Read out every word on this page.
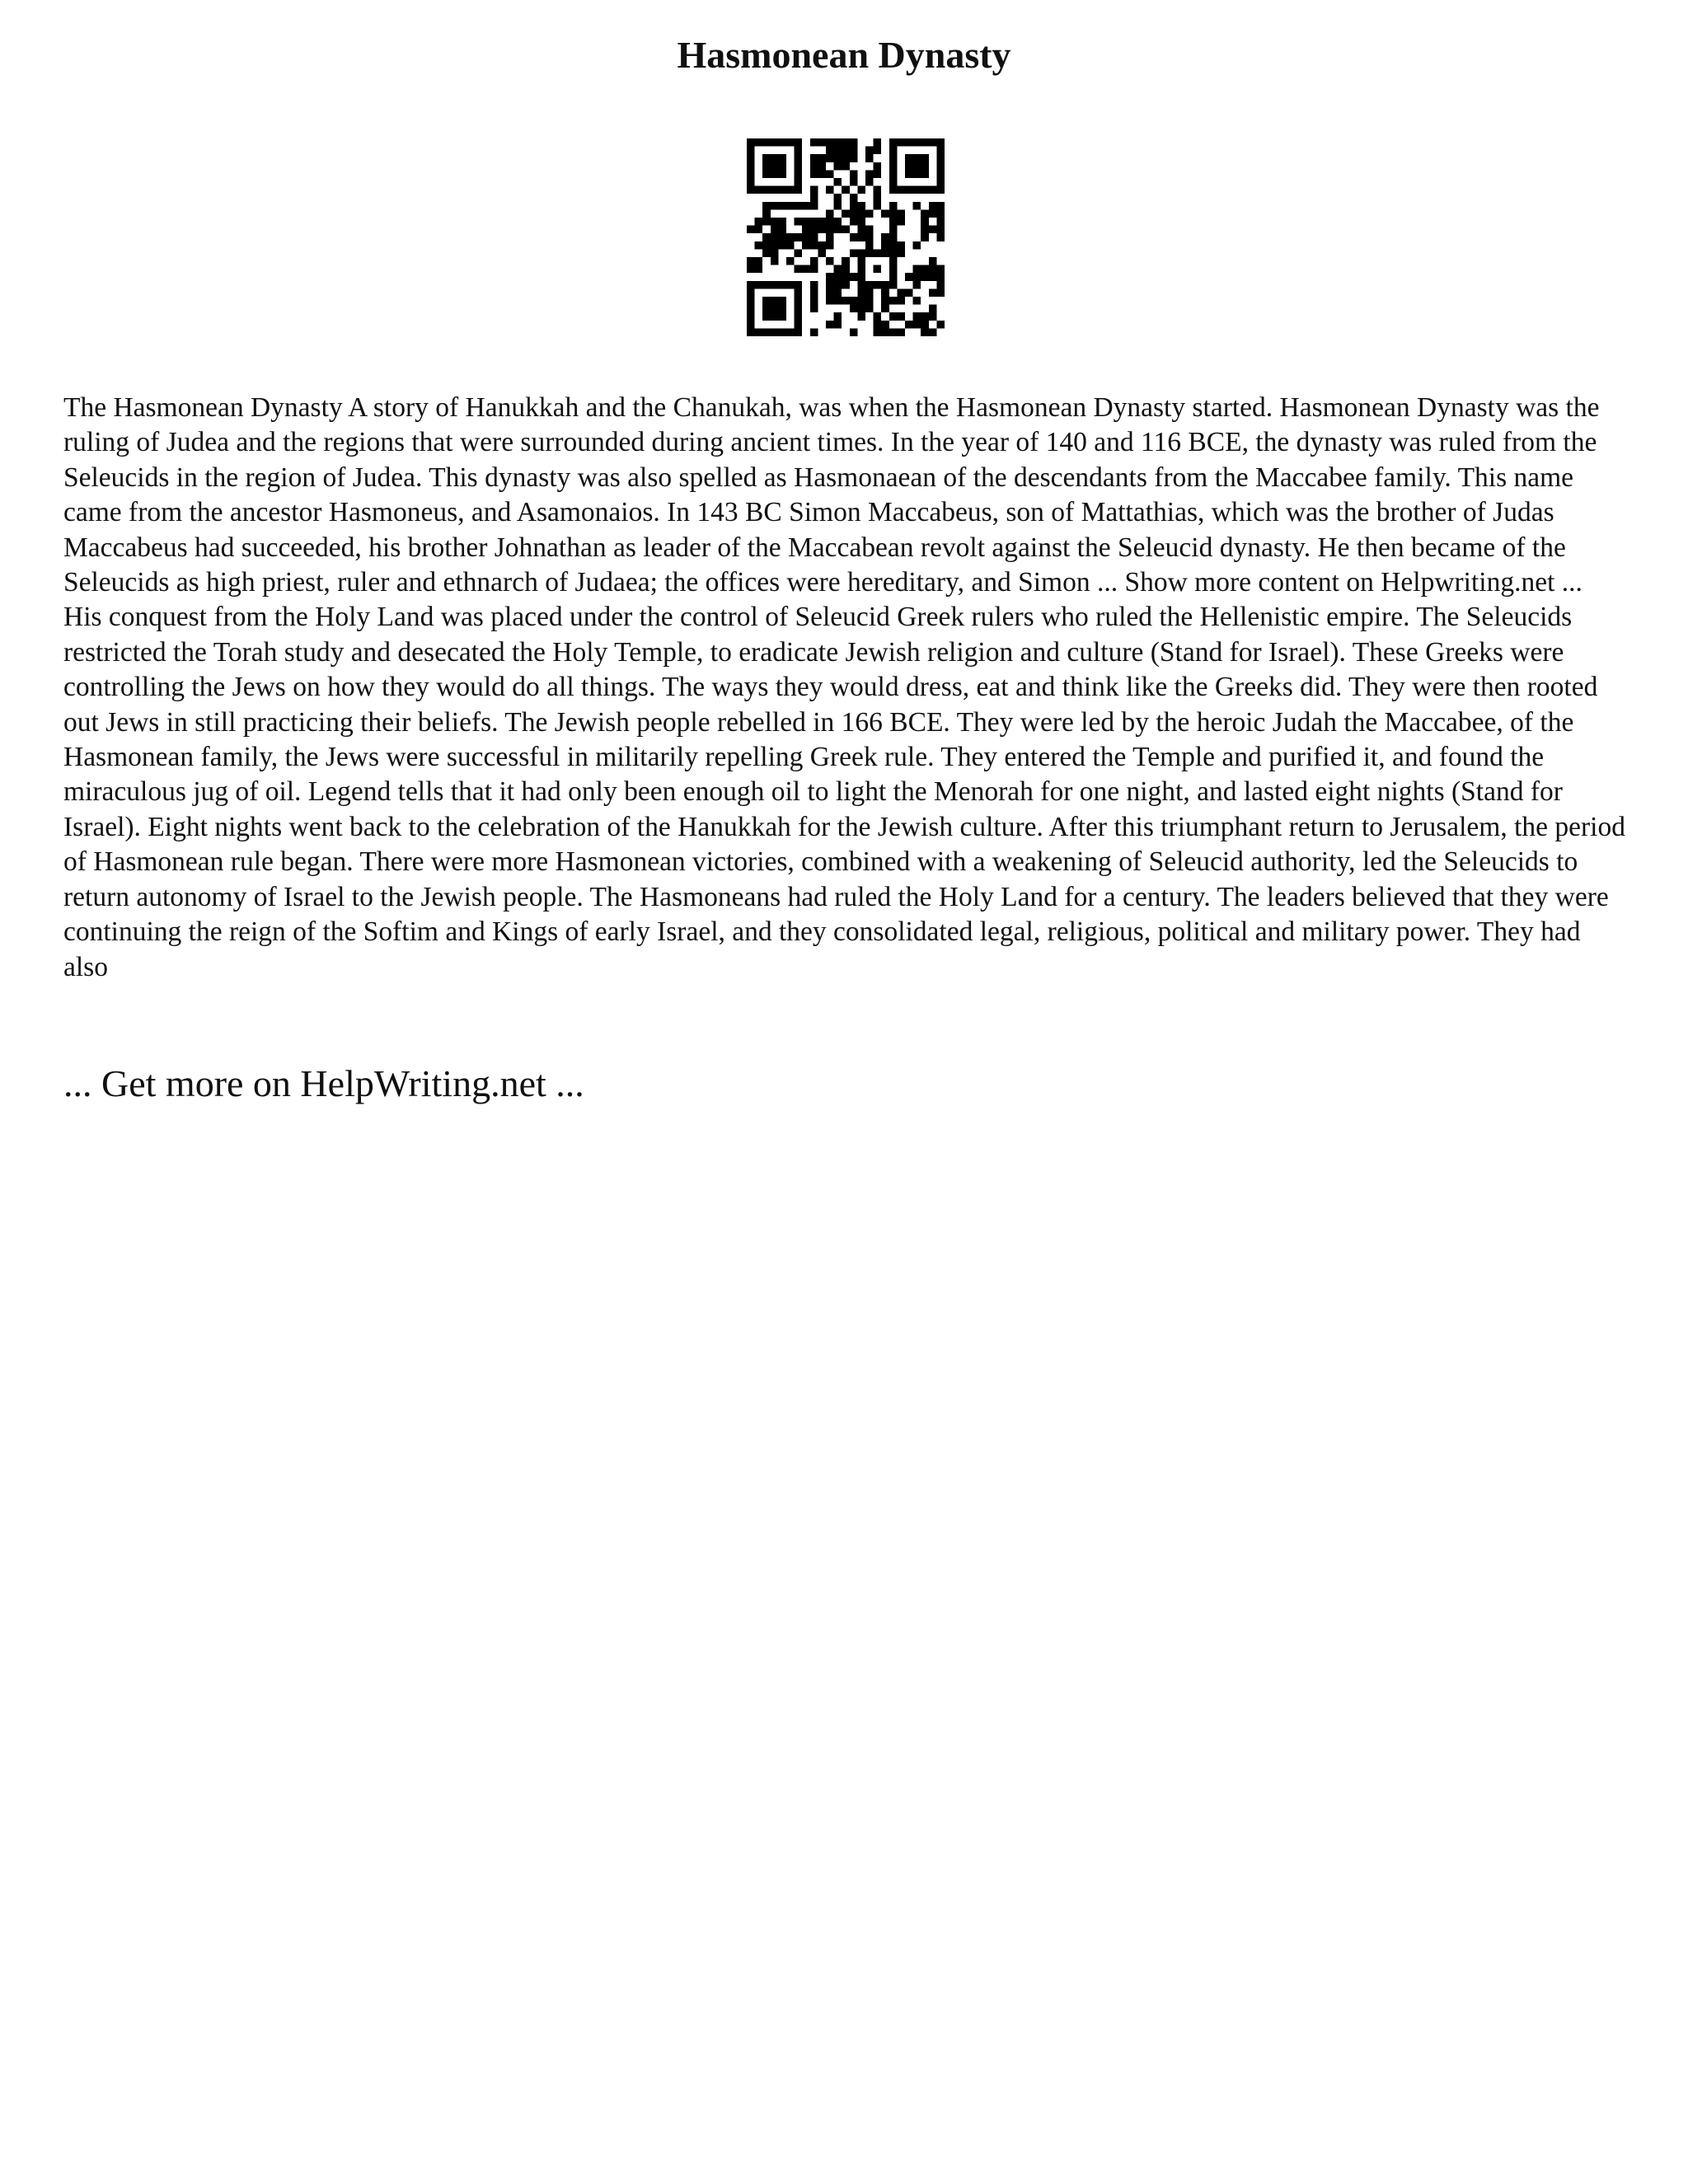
Hasmonean Dynasty

The Hasmonean Dynasty A story of Hanukkah and the Chanukah, was when the Hasmonean Dynasty started. Hasmonean Dynasty was the ruling of Judea and the regions that were surrounded during ancient times. In the year of 140 and 116 BCE, the dynasty was ruled from the Seleucids in the region of Judea. This dynasty was also spelled as Hasmonaean of the descendants from the Maccabee family. This name came from the ancestor Hasmoneus, and Asamonaios. In 143 BC Simon Maccabeus, son of Mattathias, which was the brother of Judas Maccabeus had succeeded, his brother Johnathan as leader of the Maccabean revolt against the Seleucid dynasty. He then became of the Seleucids as high priest, ruler and ethnarch of Judaea; the offices were hereditary, and Simon ... Show more content on Helpwriting.net ...

His conquest from the Holy Land was placed under the control of Seleucid Greek rulers who ruled the Hellenistic empire. The Seleucids restricted the Torah study and desecated the Holy Temple, to eradicate Jewish religion and culture (Stand for Israel). These Greeks were controlling the Jews on how they would do all things. The ways they would dress, eat and think like the Greeks did. They were then rooted out Jews in still practicing their beliefs. The Jewish people rebelled in 166 BCE. They were led by the heroic Judah the Maccabee, of the Hasmonean family, the Jews were successful in militarily repelling Greek rule. They entered the Temple and purified it, and found the miraculous jug of oil. Legend tells that it had only been enough oil to light the Menorah for one night, and lasted eight nights (Stand for Israel). Eight nights went back to the celebration of the Hanukkah for the Jewish culture. After this triumphant return to Jerusalem, the period of Hasmonean rule began. There were more Hasmonean victories, combined with a weakening of Seleucid authority, led the Seleucids to return autonomy of Israel to the Jewish people. The Hasmoneans had ruled the Holy Land for a century. The leaders believed that they were continuing the reign of the Softim and Kings of early Israel, and they consolidated legal, religious, political and military power. They had also

... Get more on HelpWriting.net ...
